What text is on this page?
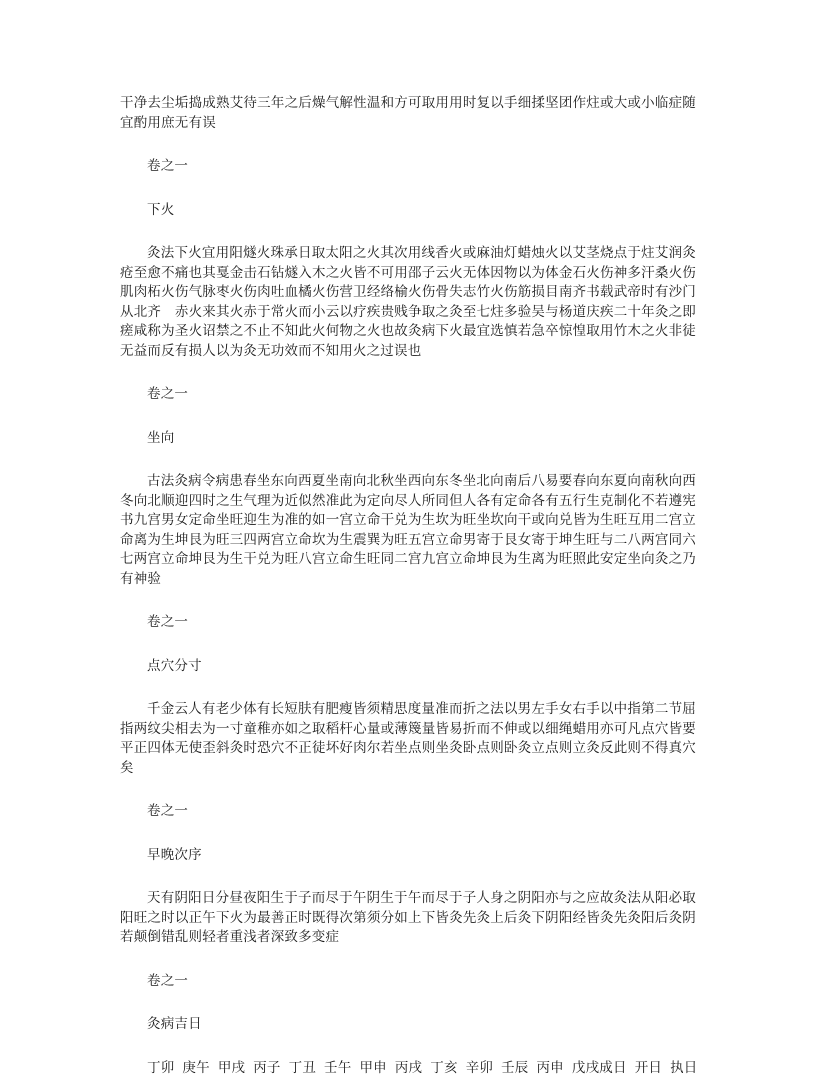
干净去尘垢捣成熟艾待三年之后燥气解性温和方可取用用时复以手细揉坚团作炷或大或小临症随宜酌用庶无有误

卷之一

下火

灸法下火宜用阳燧火珠承日取太阳之火其次用线香火或麻油灯蜡烛火以艾茎烧点于炷艾润灸疮至愈不痛也其戛金击石钻燧入木之火皆不可用邵子云火无体因物以为体金石火伤神多汗桑火伤肌肉柘火伤气脉枣火伤肉吐血橘火伤营卫经络榆火伤骨失志竹火伤筋损目南齐书载武帝时有沙门从北齐　赤火来其火赤于常火而小云以疗疾贵贱争取之灸至七炷多验吴与杨道庆疾二十年灸之即瘥咸称为圣火诏禁之不止不知此火何物之火也故灸病下火最宜选慎若急卒惊惶取用竹木之火非徒无益而反有损人以为灸无功效而不知用火之过误也

卷之一

坐向

古法灸病令病患春坐东向西夏坐南向北秋坐西向东冬坐北向南后八易要春向东夏向南秋向西冬向北顺迎四时之生气理为近似然准此为定向尽人所同但人各有定命各有五行生克制化不若遵宪书九宫男女定命坐旺迎生为准的如一宫立命干兑为生坎为旺坐坎向干或向兑皆为生旺互用二宫立命离为生坤艮为旺三四两宫立命坎为生震巽为旺五宫立命男寄于艮女寄于坤生旺与二八两宫同六七两宫立命坤艮为生干兑为旺八宫立命生旺同二宫九宫立命坤艮为生离为旺照此安定坐向灸之乃有神验

卷之一

点穴分寸

千金云人有老少体有长短肤有肥瘦皆须精思度量准而折之法以男左手女右手以中指第二节屈指两纹尖相去为一寸童稚亦如之取稻杆心量或薄篾量皆易折而不伸或以细绳蜡用亦可凡点穴皆要平正四体无使歪斜灸时恐穴不正徒坏好肉尔若坐点则坐灸卧点则卧灸立点则立灸反此则不得真穴矣

卷之一

早晚次序

天有阴阳日分昼夜阳生于子而尽于午阴生于午而尽于子人身之阴阳亦与之应故灸法从阳必取阳旺之时以正午下火为最善正时既得次第须分如上下皆灸先灸上后灸下阴阳经皆灸先灸阳后灸阴若颠倒错乱则轻者重浅者深致多变症

卷之一

灸病吉日

丁卯 庚午 甲戌 丙子 丁丑 壬午 甲申 丙戌 丁亥 辛卯 壬辰 丙申 戊戌成日 开日 执日
